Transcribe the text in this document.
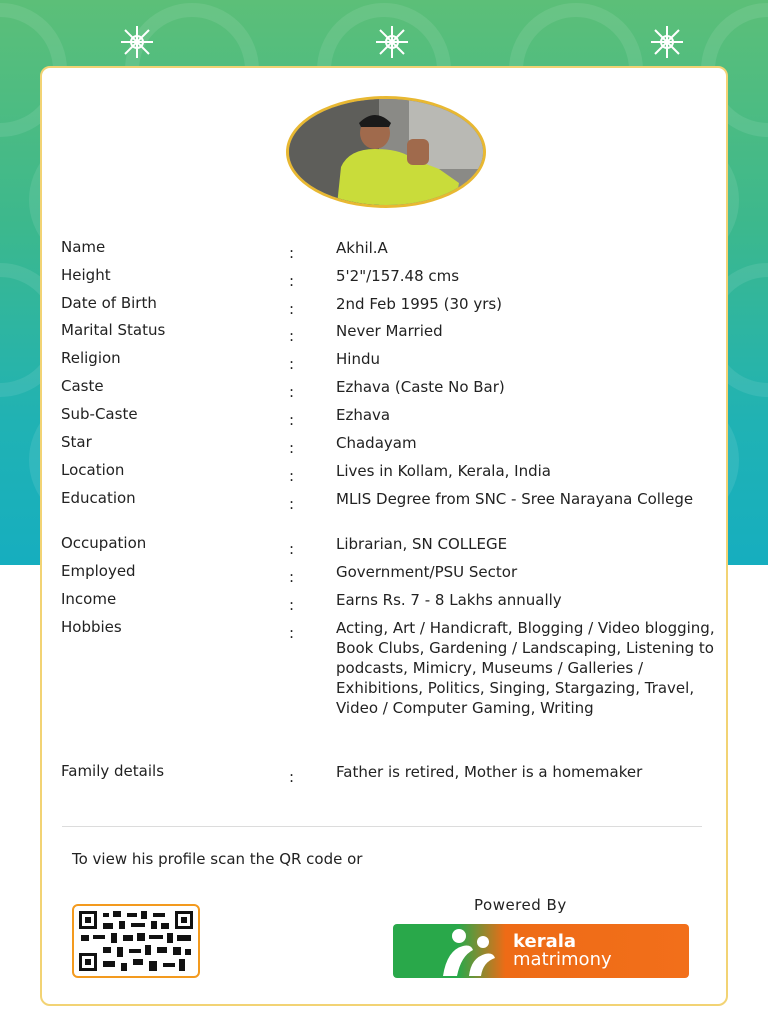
Name	:	Akhil.A
Height	:	5'2"/157.48 cms
Date of Birth	:	2nd Feb 1995 (30 yrs)
Marital Status	:	Never Married
Religion	:	Hindu
Caste	:	Ezhava (Caste No Bar)
Sub-Caste	:	Ezhava
Star	:	Chadayam
Location	:	Lives in Kollam, Kerala, India
Education	:	MLIS Degree from SNC - Sree Narayana College
Occupation	:	Librarian, SN COLLEGE
Employed	:	Government/PSU Sector
Income	:	Earns Rs. 7 - 8 Lakhs annually
Hobbies	:	Acting, Art / Handicraft, Blogging / Video blogging, Book Clubs, Gardening / Landscaping, Listening to podcasts, Mimicry, Museums / Galleries / Exhibitions, Politics, Singing, Stargazing, Travel, Video / Computer Gaming, Writing
Family details	:	Father is retired, Mother is a homemaker
To view his profile scan the QR code or
Powered By
kerala
matrimony
